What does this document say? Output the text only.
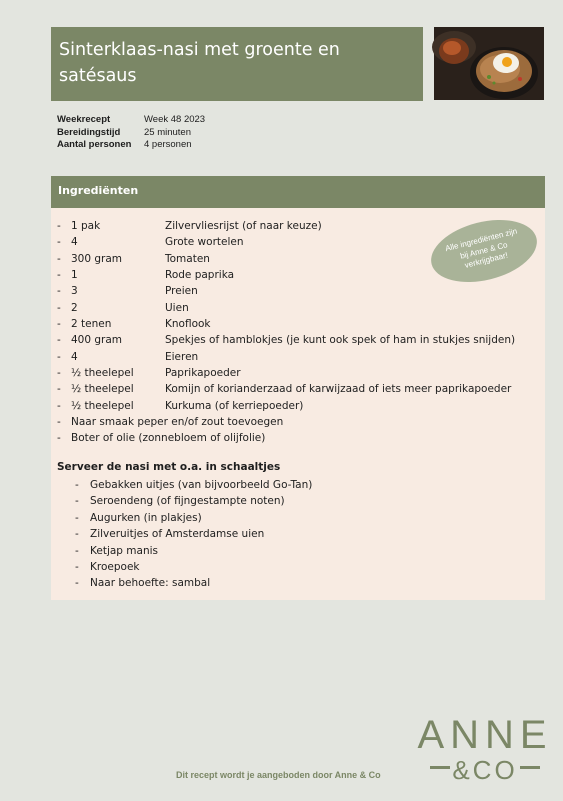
Sinterklaas-nasi met groente en satésaus
Weekrecept	Week 48 2023
Bereidingstijd	25 minuten
Aantal personen	4 personen
Ingrediënten
- 1 pak	Zilvervliesrijst (of naar keuze)
- 4	Grote wortelen
- 300 gram	Tomaten
- 1	Rode paprika
- 3	Preien
- 2	Uien
- 2 tenen	Knoflook
- 400 gram	Spekjes of hamblokjes (je kunt ook spek of ham in stukjes snijden)
- 4	Eieren
- ½ theelepel	Paprikapoeder
- ½ theelepel	Komijn of korianderzaad of karwijzaad of iets meer paprikapoeder
- ½ theelepel	Kurkuma (of kerriepoeder)
- Naar smaak peper en/of zout toevoegen
- Boter of olie (zonnebloem of olijfolie)
Serveer de nasi met o.a. in schaaltjes
-	Gebakken uitjes (van bijvoorbeeld Go-Tan)
-	Seroendeng (of fijngestampte noten)
-	Augurken (in plakjes)
-	Zilveruitjes of Amsterdamse uien
-	Ketjap manis
-	Kroepoek
-	Naar behoefte: sambal
Alle ingrediënten zijn bij Anne & Co verkrijgbaar!
Dit recept wordt je aangeboden door Anne & Co
ANNE
&CO
